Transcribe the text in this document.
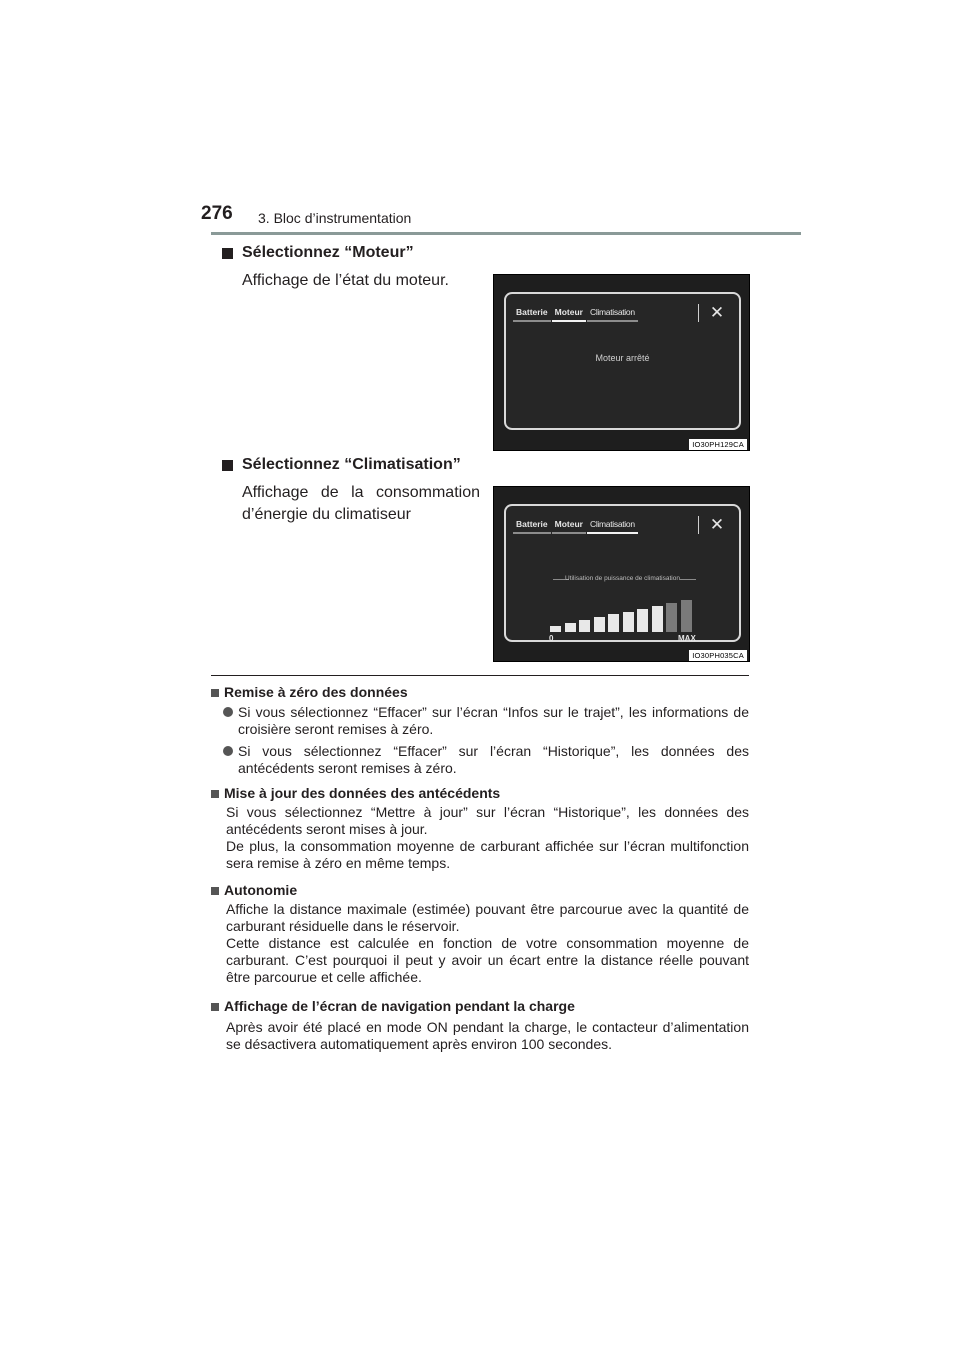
276 3. Bloc d’instrumentation
Sélectionnez “Moteur”
Affichage de l’état du moteur.
Batterie Moteur Climatisation	✕
Moteur arrêté
IO30PH129CA
Sélectionnez “Climatisation”
Affichage de la consommation d’énergie du climatiseur
Batterie Moteur Climatisation	✕
Utilisation de puissance de climatisation
0	MAX
IO30PH035CA
Remise à zéro des données
Si vous sélectionnez “Effacer” sur l’écran “Infos sur le trajet”, les informations de croisière seront remises à zéro.
Si vous sélectionnez “Effacer” sur l’écran “Historique”, les données des antécédents seront remises à zéro.
Mise à jour des données des antécédents
Si vous sélectionnez “Mettre à jour” sur l’écran “Historique”, les données des antécédents seront mises à jour.
De plus, la consommation moyenne de carburant affichée sur l’écran multifonction sera remise à zéro en même temps.
Autonomie
Affiche la distance maximale (estimée) pouvant être parcourue avec la quantité de carburant résiduelle dans le réservoir.
Cette distance est calculée en fonction de votre consommation moyenne de carburant. C’est pourquoi il peut y avoir un écart entre la distance réelle pouvant être parcourue et celle affichée.
Affichage de l’écran de navigation pendant la charge
Après avoir été placé en mode ON pendant la charge, le contacteur d’alimentation se désactivera automatiquement après environ 100 secondes.
